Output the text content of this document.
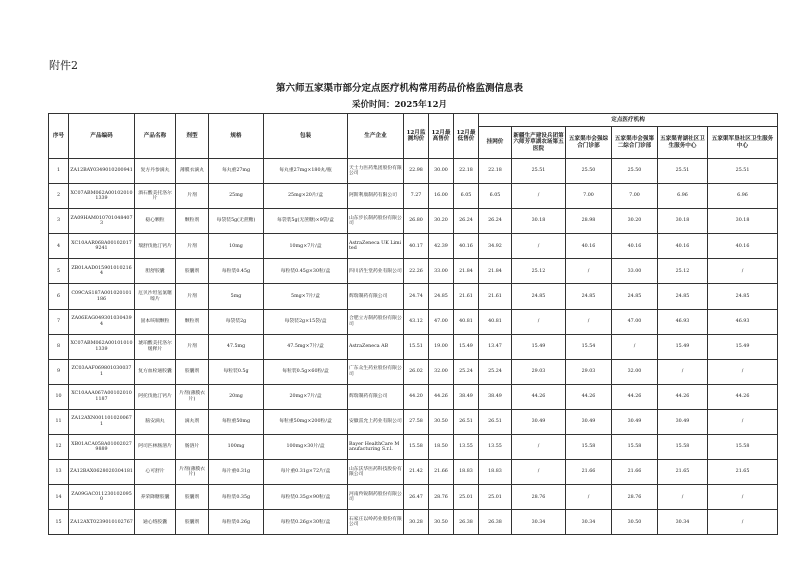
附件2
第六师五家渠市部分定点医疗机构常用药品价格监测信息表
采价时间：2025年12月
序号	产品编码	产品名称	剂型	规格	包装	生产企业	12月监测均价	12月最高售价	12月最低售价	定点医疗机构					
										挂网价	新疆生产建设兵团第六师芳草湖农场第五医院	五家渠市会强综合门诊部	五家渠市会强第二综合门诊部	五家渠青湖社区卫生服务中心	五家渠军垦社区卫生服务中心
1	ZA12BAY0349010200941	复方丹参滴丸	薄膜衣滴丸	每丸重27mg	每丸重27mg×180丸/瓶	天士力医药集团股份有限公司	22.98	30.00	22.18	22.18	25.51	25.50	25.50	25.51	25.51
2	XC07ABM062A001020101339	酒石酸美托洛尔片	片剂	25mg	25mg×20片/盒	阿斯利康制药有限公司	7.27	16.00	6.05	6.05	/	7.00	7.00	6.96	6.96
3	ZA09HAM0107010484073	稳心颗粒	颗粒剂	每袋装5g(无蔗糖)	每袋装5g(无蔗糖)×9袋/盒	山东步长制药股份有限公司	26.80	30.20	26.24	26.24	30.18	28.98	30.20	30.18	30.18
4	XC10AAR068A001020179241	瑞舒伐他汀钙片	片剂	10mg	10mg×7片/盒	AstraZeneca UK Limited	40.17	42.39	40.16	34.92	/	40.16	40.16	40.16	40.16
5	ZB01AAD0159010102164	胆舒胶囊	胶囊剂	每粒装0.45g	每粒装0.45g×30粒/盒	四川济生堂药业有限公司	22.26	33.00	21.84	21.84	25.12	/	33.00	25.12	/
6	C09CAS187A001020101186	厄贝沙坦氢氯噻嗪片	片剂	5mg	5mg×7片/盒	辉瑞制药有限公司	24.74	24.85	21.61	21.61	24.85	24.85	24.85	24.85	24.85
7	ZA06EAG0493010304394	固本咳喘颗粒	颗粒剂	每袋装2g	每袋装2g×15袋/盒	合肥立方制药股份有限公司	43.12	47.00	40.81	40.81	/	/	47.00	46.93	46.93
8	XC07ABM062A001010101339	琥珀酸美托洛尔缓释片	片剂	47.5mg	47.5mg×7片/盒	AstraZeneca AB	15.51	19.00	15.49	13.47	15.49	15.54	/	15.49	15.49
9	ZC03AAF0698010300371	复方血栓通胶囊	胶囊剂	每粒装0.5g	每粒装0.5g×60粒/盒	广东众生药业股份有限公司	26.02	32.00	25.24	25.24	29.03	29.03	32.00	/	/
10	XC10AAA067A001020101187	阿托伐他汀钙片	片剂(薄膜衣片)	20mg	20mg×7片/盒	辉瑞制药有限公司	44.20	44.26	38.49	38.49	44.26	44.26	44.26	44.26	44.26
11	ZA12AXN0011010200671	脑安滴丸	滴丸剂	每粒重50mg	每粒重50mg×200粒/盒	安徽雷允上药业有限公司	27.58	30.50	26.51	26.51	30.49	30.49	30.49	30.49	/
12	XB01ACA058A010020279889	阿司匹林肠溶片	肠溶片	100mg	100mg×30片/盒	Bayer HealthCare Manufacturing S.r.l.	15.58	18.50	13.55	13.55	/	15.58	15.58	15.58	15.58
13	ZA12BAX0628020304181	心可舒片	片剂(薄膜衣片)	每片重0.31g	每片重0.31g×72片/盒	山东沃华医药科技股份有限公司	21.42	21.66	18.83	18.83	/	21.66	21.66	21.65	21.65
14	ZA09GAC0112301020950	养荣降糖胶囊	胶囊剂	每粒装0.35g	每粒装0.35g×90粒/盒	河南羚锐制药股份有限公司	26.47	28.76	25.01	25.01	28.76	/	28.76	/	/
15	ZA12AXT0239010102767	通心络胶囊	胶囊剂	每粒装0.26g	每粒装0.26g×30粒/盒	石家庄以岭药业股份有限公司	30.28	30.50	26.38	26.38	30.34	30.34	30.50	30.34	/
